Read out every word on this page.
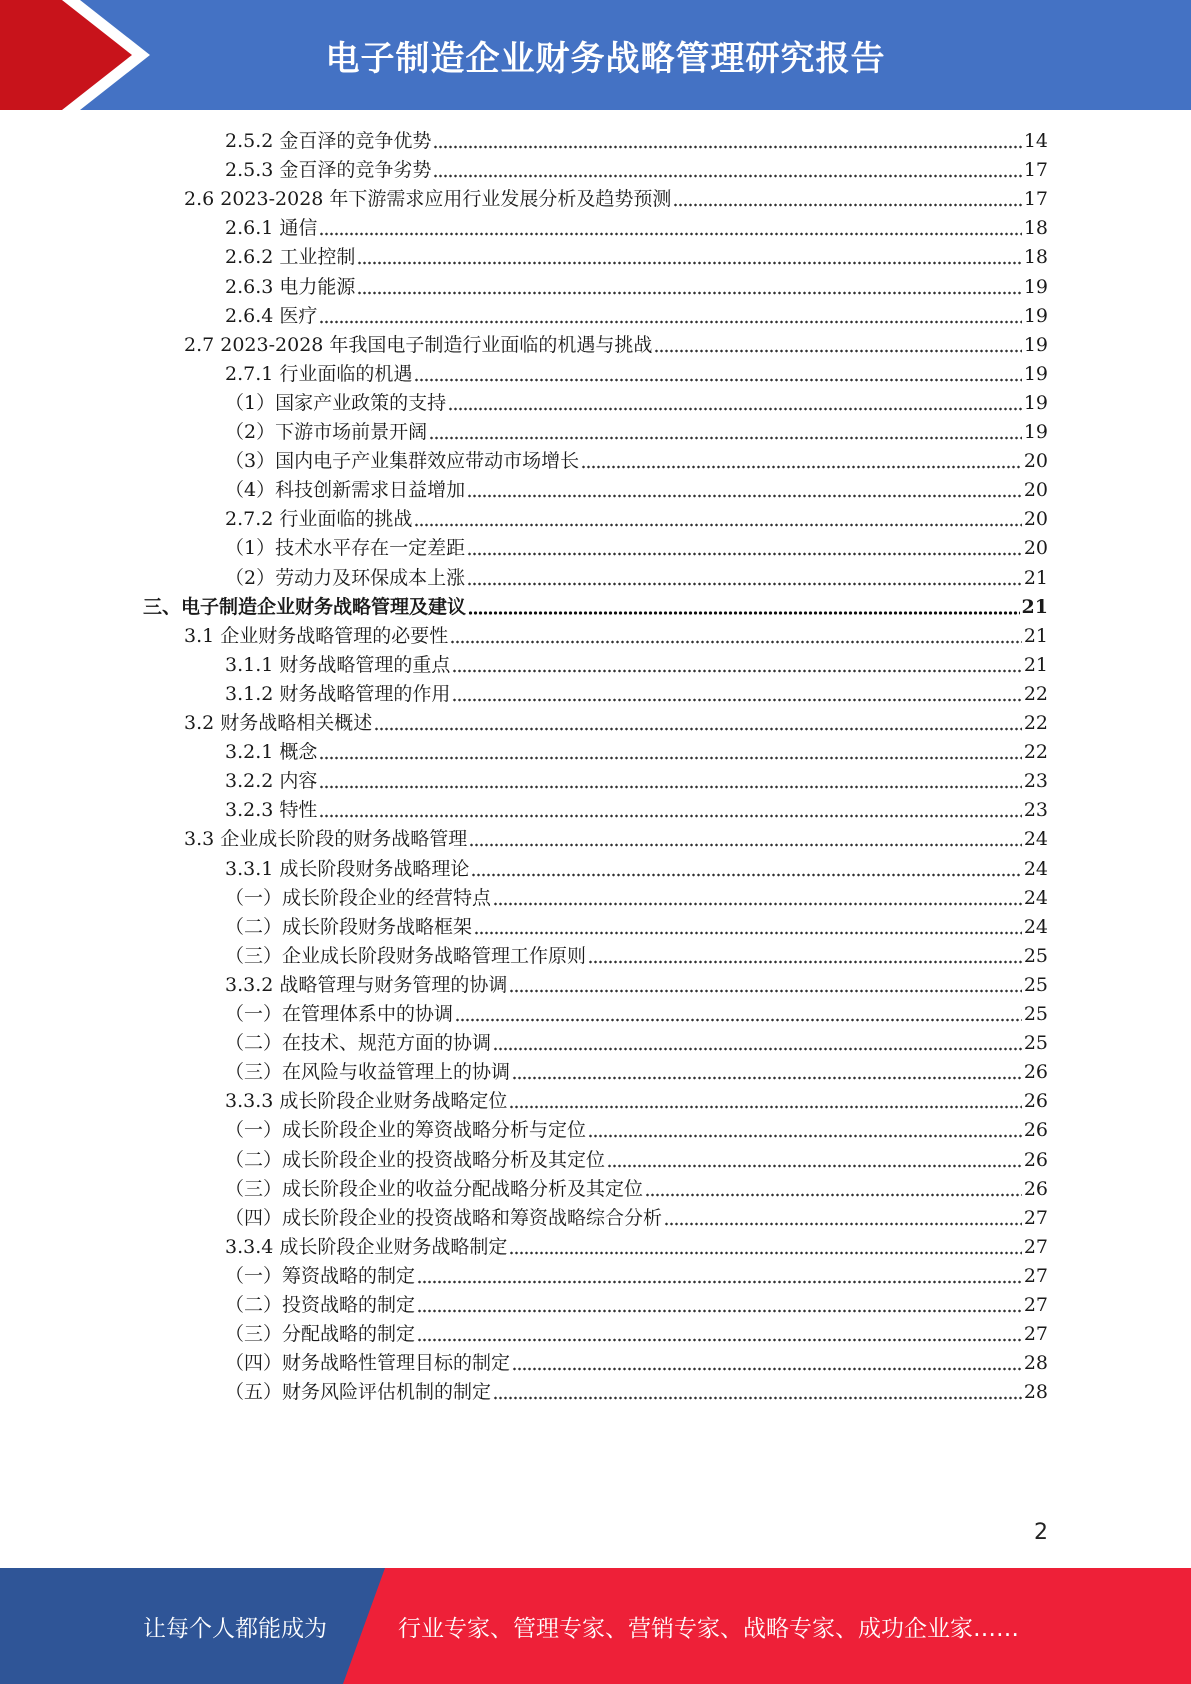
电子制造企业财务战略管理研究报告
2.5.2 金百泽的竞争优势	14
2.5.3 金百泽的竞争劣势	17
2.6 2023-2028 年下游需求应用行业发展分析及趋势预测	17
2.6.1 通信	18
2.6.2 工业控制	18
2.6.3 电力能源	19
2.6.4 医疗	19
2.7 2023-2028 年我国电子制造行业面临的机遇与挑战	19
2.7.1 行业面临的机遇	19
（1）国家产业政策的支持	19
（2）下游市场前景开阔	19
（3）国内电子产业集群效应带动市场增长	20
（4）科技创新需求日益增加	20
2.7.2 行业面临的挑战	20
（1）技术水平存在一定差距	20
（2）劳动力及环保成本上涨	21
三、电子制造企业财务战略管理及建议	21
3.1 企业财务战略管理的必要性	21
3.1.1 财务战略管理的重点	21
3.1.2 财务战略管理的作用	22
3.2 财务战略相关概述	22
3.2.1 概念	22
3.2.2 内容	23
3.2.3 特性	23
3.3 企业成长阶段的财务战略管理	24
3.3.1 成长阶段财务战略理论	24
（一）成长阶段企业的经营特点	24
（二）成长阶段财务战略框架	24
（三）企业成长阶段财务战略管理工作原则	25
3.3.2 战略管理与财务管理的协调	25
（一）在管理体系中的协调	25
（二）在技术、规范方面的协调	25
（三）在风险与收益管理上的协调	26
3.3.3 成长阶段企业财务战略定位	26
（一）成长阶段企业的筹资战略分析与定位	26
（二）成长阶段企业的投资战略分析及其定位	26
（三）成长阶段企业的收益分配战略分析及其定位	26
（四）成长阶段企业的投资战略和筹资战略综合分析	27
3.3.4 成长阶段企业财务战略制定	27
（一）筹资战略的制定	27
（二）投资战略的制定	27
（三）分配战略的制定	27
（四）财务战略性管理目标的制定	28
（五）财务风险评估机制的制定	28
2
让每个人都能成为	行业专家、管理专家、营销专家、战略专家、成功企业家……
